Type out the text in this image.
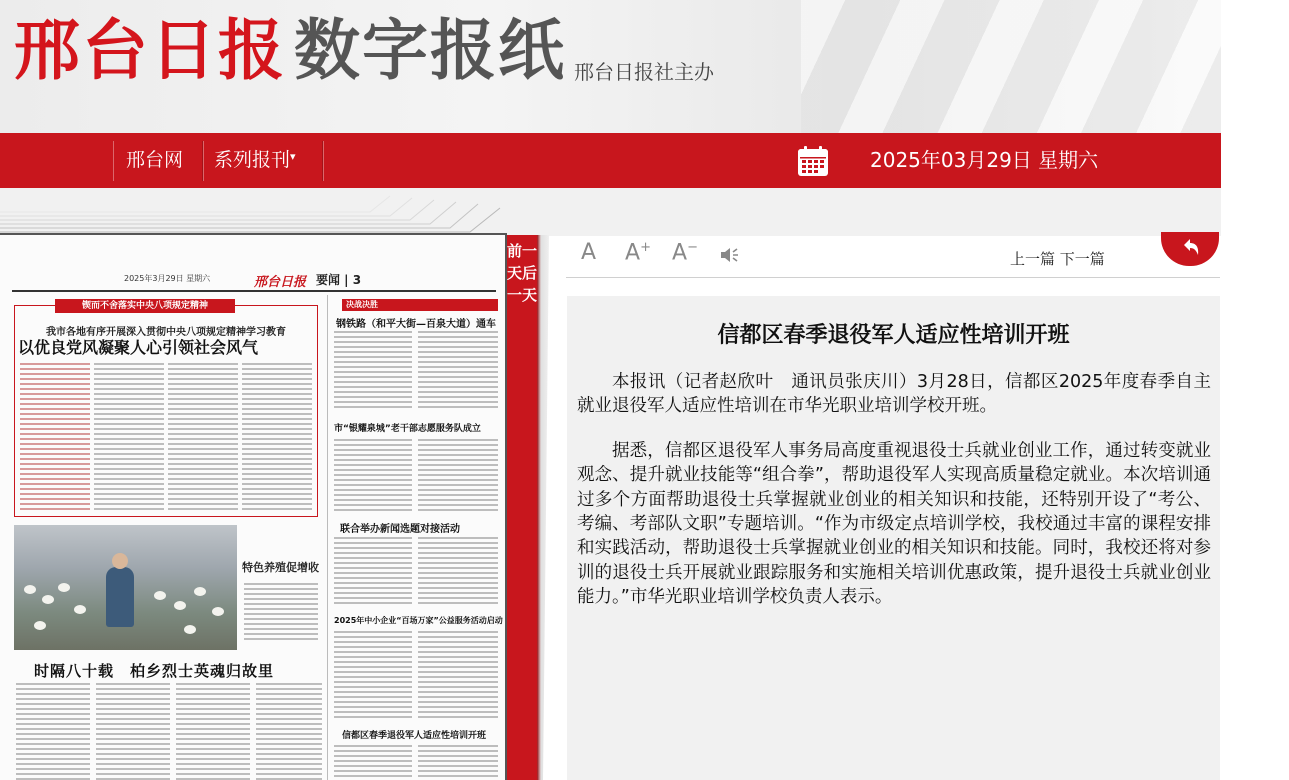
邢台日报 数字报纸 邢台日报社主办
邢台网	系列报刊▾	2025年03月29日 星期六
2025年3月29日 星期六	邢台日报 要闻 | 3
锲而不舍落实中央八项规定精神
我市各地有序开展深入贯彻中央八项规定精神学习教育
以优良党风凝聚人心引领社会风气
特色养殖促增收
时隔八十载　柏乡烈士英魂归故里
决战决胜
钢铁路（和平大街—百泉大道）通车
市“银耀泉城”老干部志愿服务队成立
联合举办新闻选题对接活动
2025年中小企业“百场万家”公益服务活动启动
信都区春季退役军人适应性培训开班
前一天后一天
A A+ A−
上一篇 下一篇
信都区春季退役军人适应性培训开班

本报讯（记者赵欣叶　通讯员张庆川）3月28日，信都区2025年度春季自主就业退役军人适应性培训在市华光职业培训学校开班。

据悉，信都区退役军人事务局高度重视退役士兵就业创业工作，通过转变就业观念、提升就业技能等“组合拳”，帮助退役军人实现高质量稳定就业。本次培训通过多个方面帮助退役士兵掌握就业创业的相关知识和技能，还特别开设了“考公、考编、考部队文职”专题培训。“作为市级定点培训学校，我校通过丰富的课程安排和实践活动，帮助退役士兵掌握就业创业的相关知识和技能。同时，我校还将对参训的退役士兵开展就业跟踪服务和实施相关培训优惠政策，提升退役士兵就业创业能力。”市华光职业培训学校负责人表示。
